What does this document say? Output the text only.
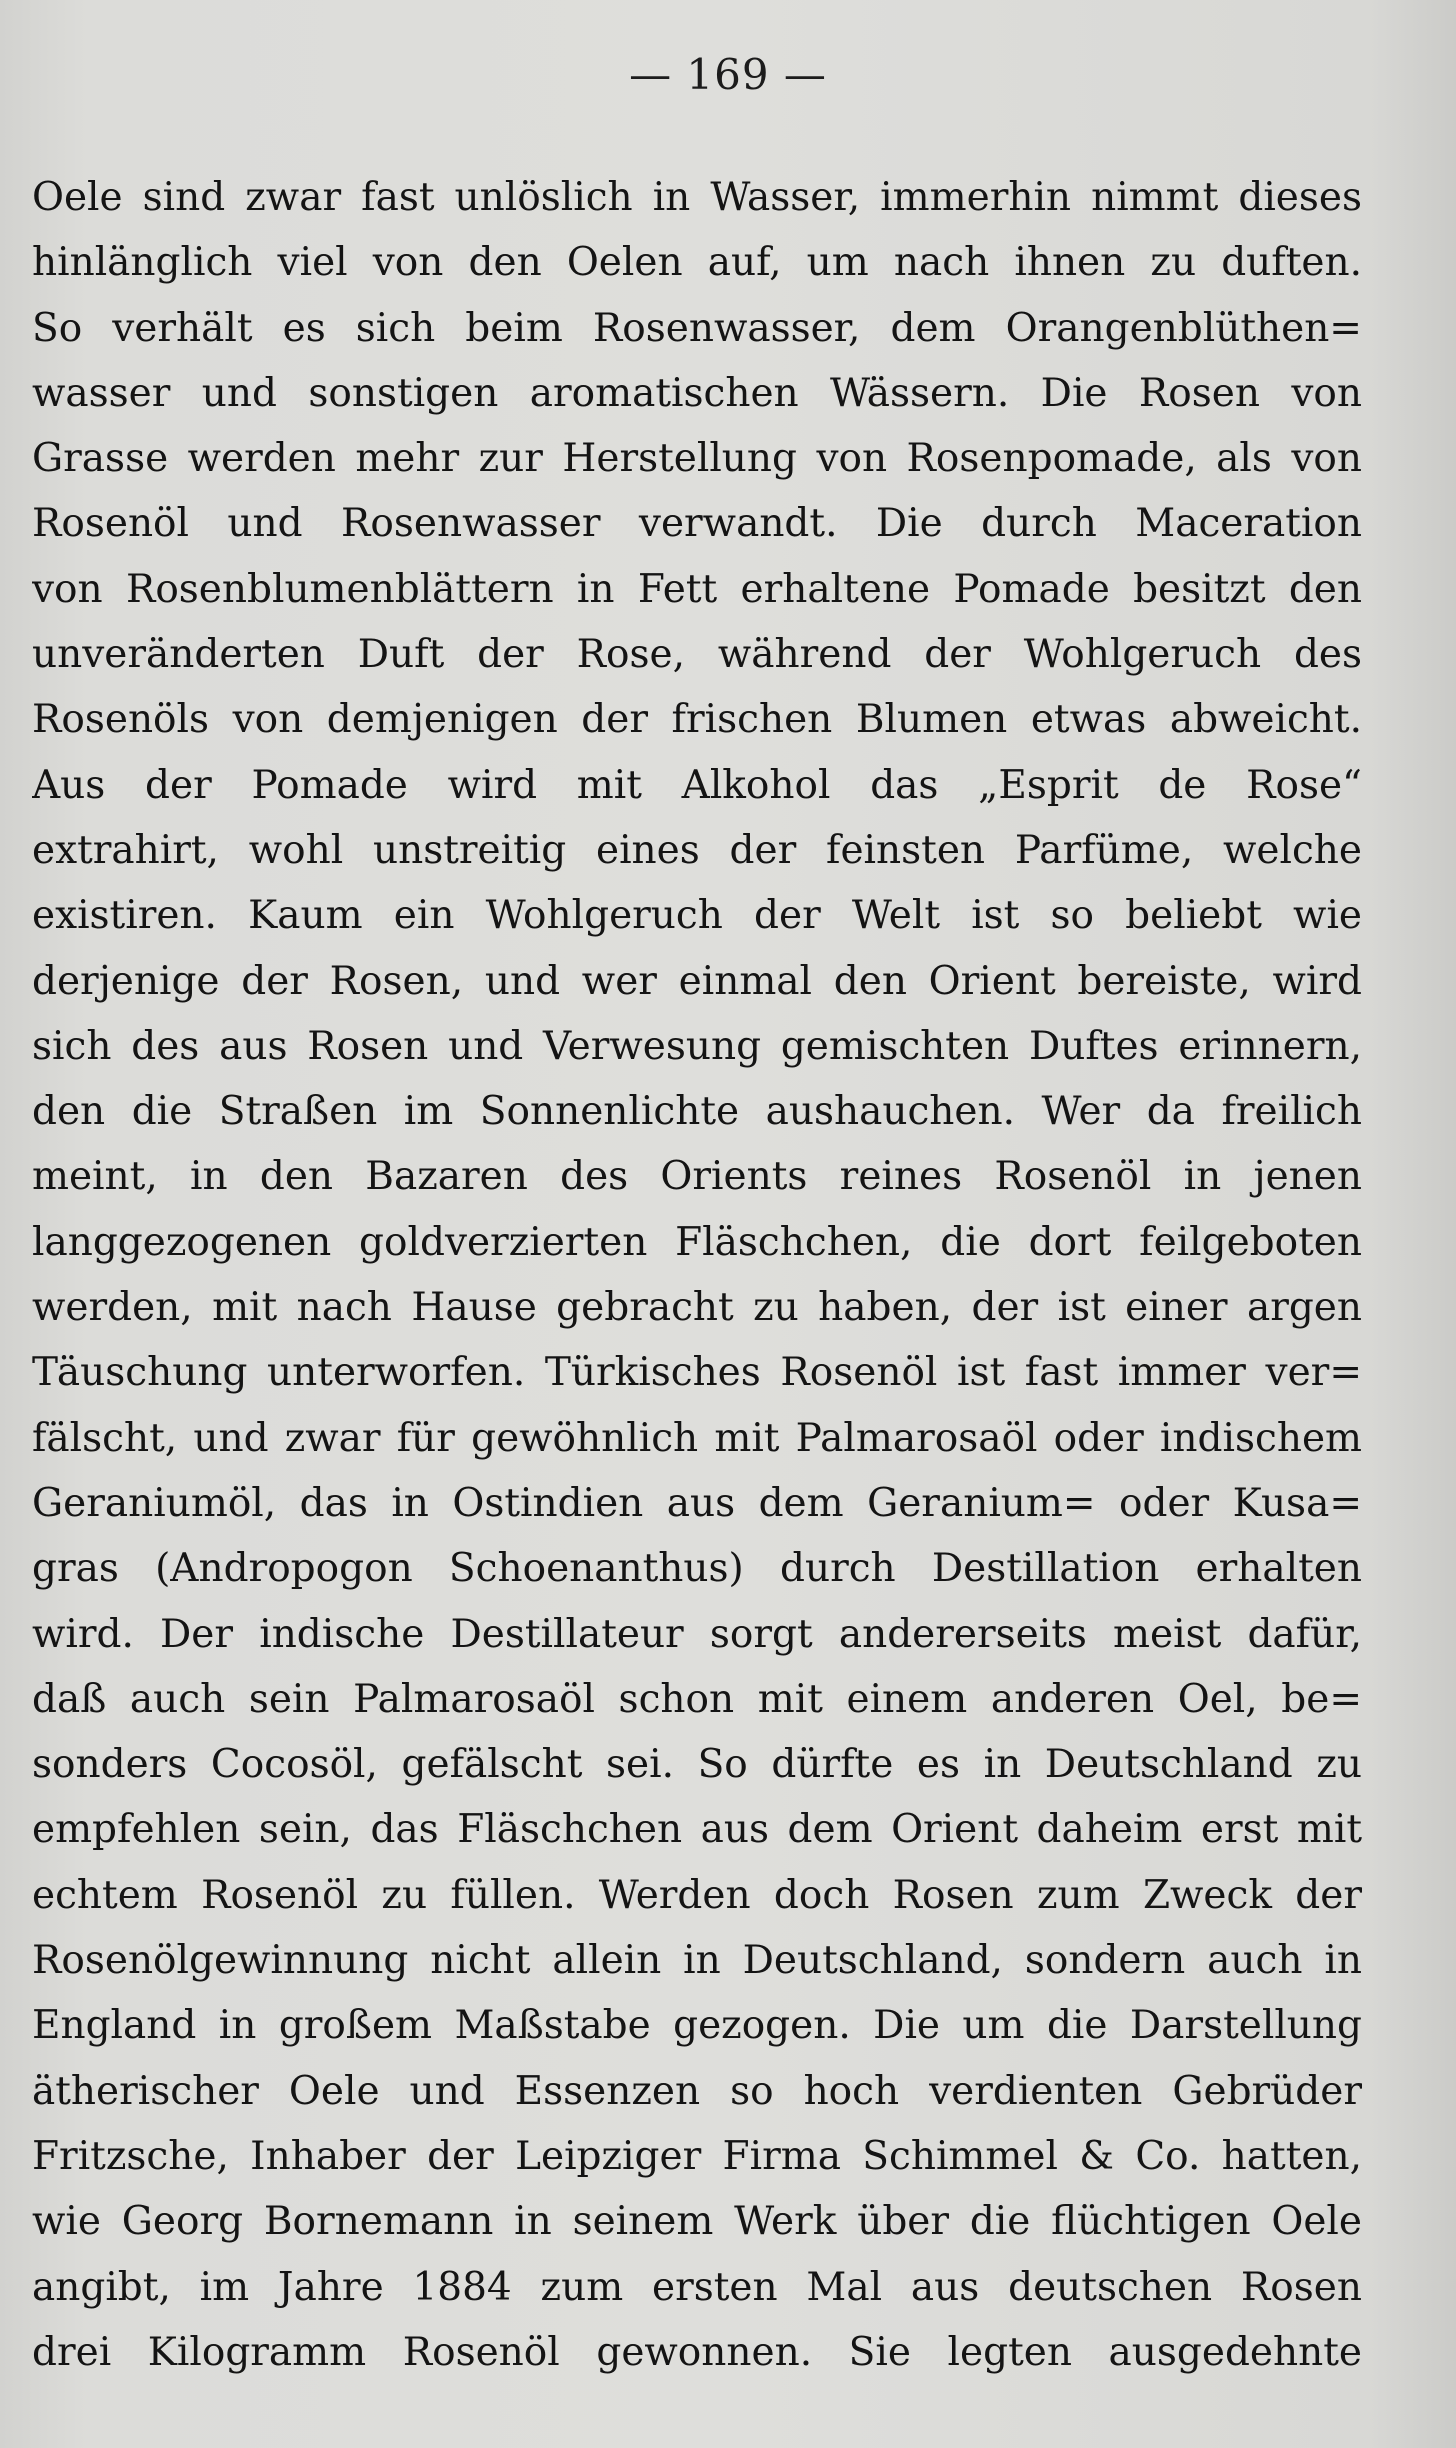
— 169 —
Oele sind zwar fast unlöslich in Wasser, immerhin nimmt dieses
hinlänglich viel von den Oelen auf, um nach ihnen zu duften.
So verhält es sich beim Rosenwasser, dem Orangenblüthen=
wasser und sonstigen aromatischen Wässern. Die Rosen von
Grasse werden mehr zur Herstellung von Rosenpomade, als von
Rosenöl und Rosenwasser verwandt. Die durch Maceration
von Rosenblumenblättern in Fett erhaltene Pomade besitzt den
unveränderten Duft der Rose, während der Wohlgeruch des
Rosenöls von demjenigen der frischen Blumen etwas abweicht.
Aus der Pomade wird mit Alkohol das „Esprit de Rose“
extrahirt, wohl unstreitig eines der feinsten Parfüme, welche
existiren. Kaum ein Wohlgeruch der Welt ist so beliebt wie
derjenige der Rosen, und wer einmal den Orient bereiste, wird
sich des aus Rosen und Verwesung gemischten Duftes erinnern,
den die Straßen im Sonnenlichte aushauchen. Wer da freilich
meint, in den Bazaren des Orients reines Rosenöl in jenen
langgezogenen goldverzierten Fläschchen, die dort feilgeboten
werden, mit nach Hause gebracht zu haben, der ist einer argen
Täuschung unterworfen. Türkisches Rosenöl ist fast immer ver=
fälscht, und zwar für gewöhnlich mit Palmarosaöl oder indischem
Geraniumöl, das in Ostindien aus dem Geranium= oder Kusa=
gras (Andropogon Schoenanthus) durch Destillation erhalten
wird. Der indische Destillateur sorgt andererseits meist dafür,
daß auch sein Palmarosaöl schon mit einem anderen Oel, be=
sonders Cocosöl, gefälscht sei. So dürfte es in Deutschland zu
empfehlen sein, das Fläschchen aus dem Orient daheim erst mit
echtem Rosenöl zu füllen. Werden doch Rosen zum Zweck der
Rosenölgewinnung nicht allein in Deutschland, sondern auch in
England in großem Maßstabe gezogen. Die um die Darstellung
ätherischer Oele und Essenzen so hoch verdienten Gebrüder
Fritzsche, Inhaber der Leipziger Firma Schimmel & Co. hatten,
wie Georg Bornemann in seinem Werk über die flüchtigen Oele
angibt, im Jahre 1884 zum ersten Mal aus deutschen Rosen
drei Kilogramm Rosenöl gewonnen. Sie legten ausgedehnte
